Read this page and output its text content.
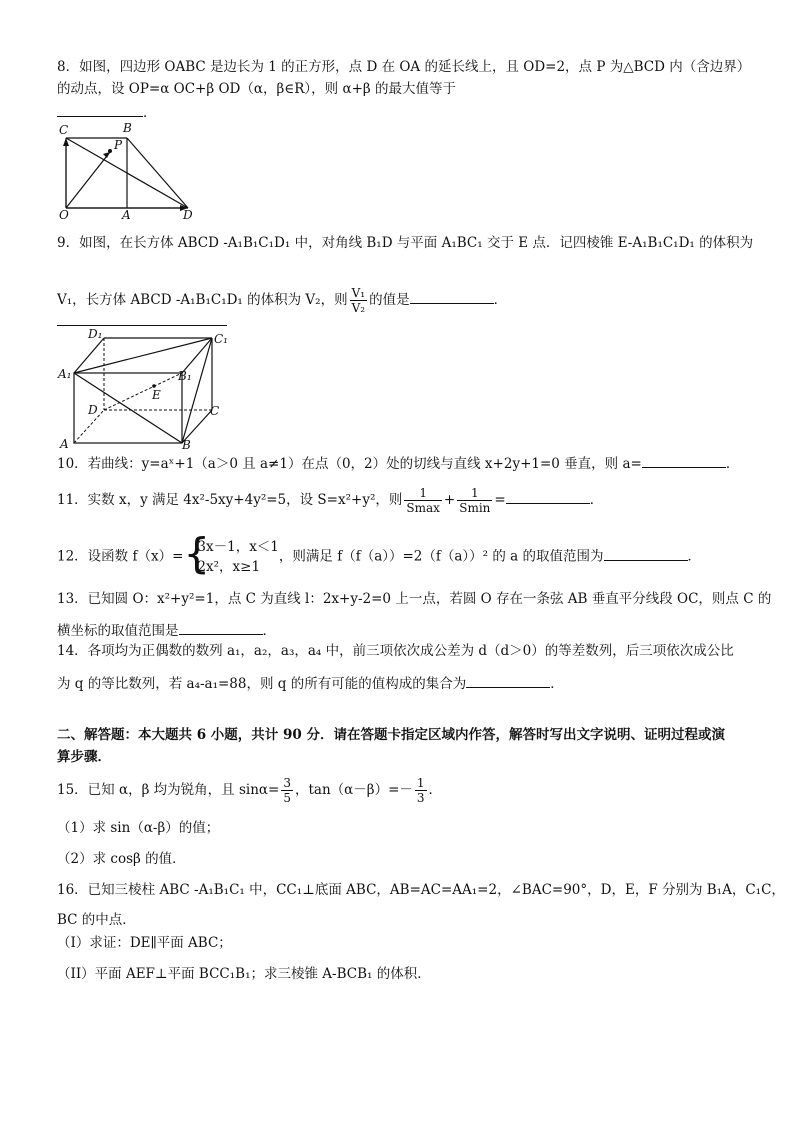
8．如图，四边形 OABC 是边长为 1 的正方形，点 D 在 OA 的延长线上，且 OD=2，点 P 为△BCD 内（含边界）
的动点，设 OP=α OC+β OD（α，β∈R），则 α+β 的最大值等于
．
C	B
P
O	A	D
9．如图，在长方体 ABCD -A₁B₁C₁D₁ 中，对角线 B₁D 与平面 A₁BC₁ 交于 E 点．记四棱锥 E-A₁B₁C₁D₁ 的体积为
V₁，长方体 ABCD -A₁B₁C₁D₁ 的体积为 V₂，则 $\frac{\text{V₁}}{\text{V₂}}$ 的值是	．
D₁	C₁
A₁	B₁
E
D	C
A	B
10．若曲线：y=aˣ+1（a＞0 且 a≠1）在点（0，2）处的切线与直线 x+2y+1=0 垂直，则 a=	．
11．实数 x，y 满足 4x²-5xy+4y²=5，设 S=x²+y²，则 $\frac{1}{Smax} + \frac{1}{Smin}$ =	．
12．设函数 f（x）= {
3x－1，x＜1
2x²，x≥1
，则满足 f（f（a））=2（f（a））² 的 a 的取值范围为	．
13．已知圆 O：x²+y²=1，点 C 为直线 l：2x+y-2=0 上一点，若圆 O 存在一条弦 AB 垂直平分线段 OC，则点 C 的
横坐标的取值范围是	．
14．各项均为正偶数的数列 a₁，a₂，a₃，a₄ 中，前三项依次成公差为 d（d＞0）的等差数列，后三项依次成公比
为 q 的等比数列，若 a₄-a₁=88，则 q 的所有可能的值构成的集合为	．
二、解答题：本大题共 6 小题，共计 90 分．请在答题卡指定区域内作答，解答时写出文字说明、证明过程或演
算步骤．
15．已知 α，β 均为锐角，且 $\sin\alpha= \frac{3}{5}$ ，$\tan(\alpha-\beta)=- \frac{1}{3}$ ．
（1）求 sin（α-β）的值；
（2）求 cosβ 的值．
16．已知三棱柱 ABC -A₁B₁C₁ 中，CC₁⊥底面 ABC，AB=AC=AA₁=2，∠BAC=90°，D，E，F 分别为 B₁A，C₁C，
BC 的中点．
（I）求证：DE∥平面 ABC；
（II）平面 AEF⊥平面 BCC₁B₁；求三棱锥 A-BCB₁ 的体积．
